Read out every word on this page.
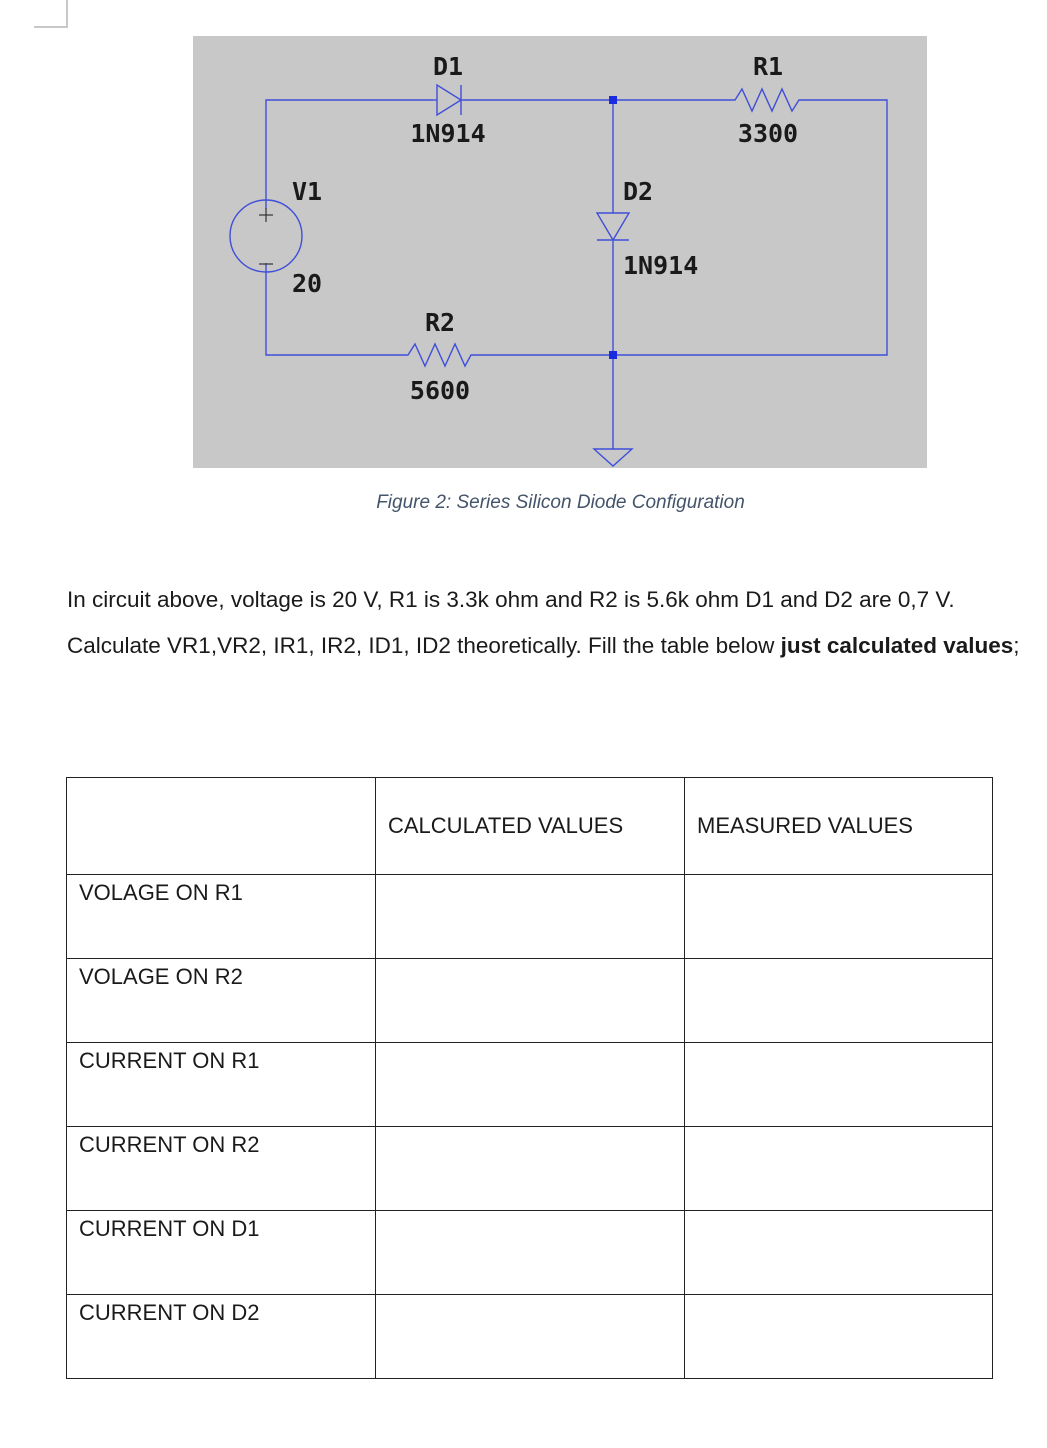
D1
1N914
R1
3300
V1
20
D2
1N914
R2
5600
Figure 2: Series Silicon Diode Configuration
In circuit above, voltage is 20 V, R1 is 3.3k ohm and R2 is 5.6k ohm D1 and D2 are 0,7 V.
Calculate VR1,VR2, IR1, IR2, ID1, ID2 theoretically. Fill the table below just calculated values;
	CALCULATED VALUES	MEASURED VALUES
VOLAGE ON R1		
VOLAGE ON R2		
CURRENT ON R1		
CURRENT ON R2		
CURRENT ON D1		
CURRENT ON D2		
